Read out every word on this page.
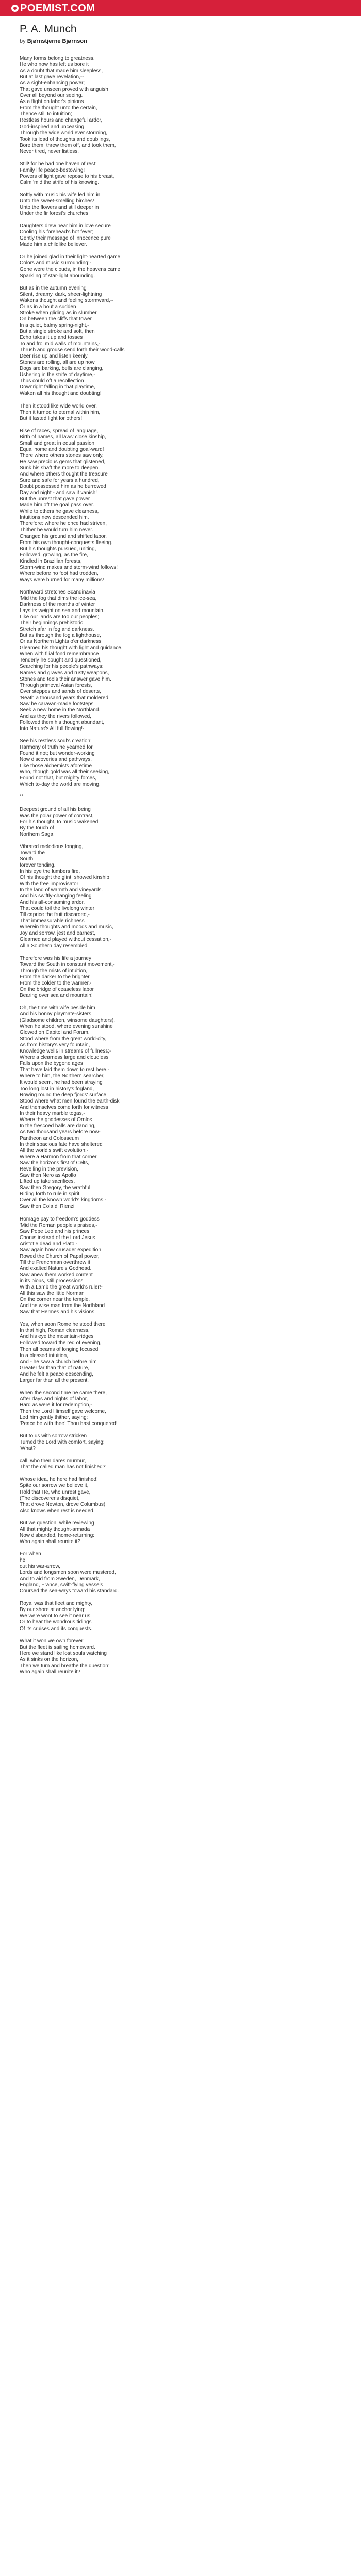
POEMIST.COM
P. A. Munch
by Bjørnstjerne Bjørnson
Many forms belong to greatness.
He who now has left us bore it
As a doubt that made him sleepless,
But at last gave revelation,--
As a sight-enhancing power;
That gave unseen proved with anguish
Over all beyond our seeing.
As a flight on labor's pinions
From the thought unto the certain,
Thence still to intuition;
Restless hours and changeful ardor,
God-inspired and unceasing.
Through the wide world ever storming,
Took its load of thoughts and doublings,
Bore them, threw them off, and took them,
Never tired, never listless.
Still! for he had one haven of rest:
Family life peace-bestowing!
Powers of light gave repose to his breast,
Calm 'mid the strife of his knowing.
Softly with music his wife led him in
Unto the sweet-smelling birches!
Unto the flowers and still deeper in
Under the fir forest's churches!
Daughters drew near him in love secure
Cooling his forehead's hot fever;
Gently their message of innocence pure
Made him a childlike believer.
Or he joined glad in their light-hearted game,
Colors and music surrounding;-
Gone were the clouds, in the heavens came
Sparkling of star-light abounding.
But as in the autumn evening
Silent, dreamy, dark, sheer-lightning
Wakens thought and feeling stormward,--
Or as in a bout a sudden
Stroke when gliding as in slumber
On between the cliffs that tower
In a quiet, balmy spring-night,-
But a single stroke and soft, then
Echo takes it up and tosses
To and fro' mid walls of mountains,-
Thrush and grouse send forth their wood-calls
Deer rise up and listen keenly,
Stones are rolling, all are up now,
Dogs are barking, bells are clanging,
Ushering in the strife of daytime,-
Thus could oft a recollection
Downright falling in that playtime,
Waken all his thought and doubting!
Then it stood like wide world over,
Then it turned to eternal within him,
But it lasted light for others!
Rise of races, spread of language,
Birth of names, all laws' close kinship,
Small and great in equal passion,
Equal home and doubting goal-ward!
There where others stones saw only,
He saw precious gems that glistened,
Sunk his shaft the more to deepen.
And where others thought the treasure
Sure and safe for years a hundred,
Doubt possessed him as he burrowed
Day and night - and saw it vanish!
But the unrest that gave power
Made him oft the goal pass over.
While to others he gave clearness,
Intuitions new descended him.
Therefore: where he once had striven,
Thither he would turn him never.
Changed his ground and shifted labor,
From his own thought-conquests fleeing.
But his thoughts pursued, uniting,
Followed, growing, as the fire,
Kindled in Brazilian forests,
Storm-wind makes and storm-wind follows!
Where before no foot had trodden,
Ways were burned for many millions!
Northward stretches Scandinavia
'Mid the fog that dims the ice-sea,
Darkness of the months of winter
Lays its weight on sea and mountain.
Like our lands are too our peoples;
Their beginnings prehistoric
Stretch afar in fog and darkness.
But as through the fog a lighthouse,
Or as Northern Lights o'er darkness,
Gleamed his thought with light and guidance.
When with filial fond remembrance
Tenderly he sought and questioned,
Searching for his people's pathways:
Names and graves and rusty weapons,
Stones and tools their answer gave him.
Through primeval Asian forests,
Over steppes and sands of deserts,
'Neath a thousand years that moldered,
Saw he caravan-made footsteps
Seek a new home in the Northland.
And as they the rivers followed,
Followed them his thought abundant,
Into Nature's All full flowing!-
See his restless soul's creation!
Harmony of truth he yearned for,
Found it not; but wonder-working
Now discoveries and pathways,
Like those alchemists aforetime
Who, though gold was all their seeking,
Found not that, but mighty forces,
Which to-day the world are moving.
**
Deepest ground of all his being
Was the polar power of contrast,
For his thought, to music wakened
By the touch of
Northern Saga
Vibrated melodious longing,
Toward the
South
forever tending.
In his eye the lumbers fire,
Of his thought the glint, showed kinship
With the free improvisator
In the land of warmth and vineyards.
And his swiftly-changing feeling
And his all-consuming ardor,
That could toil the livelong winter
Till caprice the fruit discarded,-
That immeasurable richness
Wherein thoughts and moods and music,
Joy and sorrow, jest and earnest,
Gleamed and played without cessation,-
All a Southern day resembled!
Therefore was his life a journey
Toward the South in constant movement,-
Through the mists of intuition,
From the darker to the brighter,
From the colder to the warmer,-
On the bridge of ceaseless labor
Bearing over sea and mountain!
Oh, the time with wife beside him
And his bonny playmate-sisters
(Gladsome children, winsome daughters),
When he stood, where evening sunshine
Glowed on Capitol and Forum,
Stood where from the great world-city,
As from history's very fountain,
Knowledge wells in streams of fullness;-
Where a clearness large and cloudless
Falls upon the bygone ages
That have laid them down to rest here,-
Where to him, the Northern searcher,
It would seem, he had been straying
Too long lost in history's fogland,
Rowing round the deep fjords' surface;
Stood where what men found the earth-disk
And themselves come forth for witness
In their heavy marble togas,-
Where the goddesses of Ornlos
In the frescoed halls are dancing,
As two thousand years before now-
Pantheon and Colosseum
In their spacious fate have sheltered
All the world's swift evolution;-
Where a Harmon from that corner
Saw the horizons first of Celts,
Revelling in the prevision,
Saw then Nero as Apollo
Lifted up take sacrifices,
Saw then Gregory, the wrathful,
Riding forth to rule in spirit
Over all the known world's kingdoms,-
Saw then Cola di Rienzi
Homage pay to freedom's goddess
'Mid the Roman people's praises,-
Saw Pope Leo and his princes
Chorus instead of the Lord Jesus
Aristotle dead and Plato;-
Saw again how crusader expedition
Rowed the Church of Papal power,
Till the Frenchman overthrew it
And exalted Nature's Godhead.
Saw anew them worked content
in its pious, still processions
With a Lamb the great world's ruler!-
All this saw the little Norman
On the corner near the temple,
And the wise man from the Northland
Saw that Hermes and his visions.
Yes, when soon Rome he stood there
In that high, Roman clearness,
And his eye the mountain-ridges
Followed toward the red of evening,
Then all beams of longing focused
In a blessed intuition,
And - he saw a church before him
Greater far than that of nature,
And he felt a peace descending,
Larger far than all the present.
When the second time he came there,
After days and nights of labor,
Hard as were it for redemption,-
Then the Lord Himself gave welcome,
Led him gently thither, saying:
'Peace be with thee! Thou hast conquered!'
But to us with sorrow stricken
Turned the Lord with comfort, saying:
'What?
call, who then dares murmur,
That the called man has not finished?'
Whose idea, he here had finished!
Spite our sorrow we believe it,
Hold that He, who unrest gave,
(The discoverer's disquiet,
That drove Newton, drove Columbus),
Also knows when rest is needed.
But we question, while reviewing
All that mighty thought-armada
Now disbanded, home-returning:
Who again shall reunite it?
For when
he
out his war-arrow,
Lords and longsmen soon were mustered,
And to aid from Sweden, Denmark,
England, France, swift-flying vessels
Coursed the sea-ways toward his standard.
Royal was that fleet and mighty,
By our shore at anchor lying:
We were wont to see it near us
Or to hear the wondrous tidings
Of its cruises and its conquests.
What it won we own forever;
But the fleet is sailing homeward.
Here we stand like lost souls watching
As it sinks on the horizon,
Then we turn and breathe the question:
Who again shall reunite it?
